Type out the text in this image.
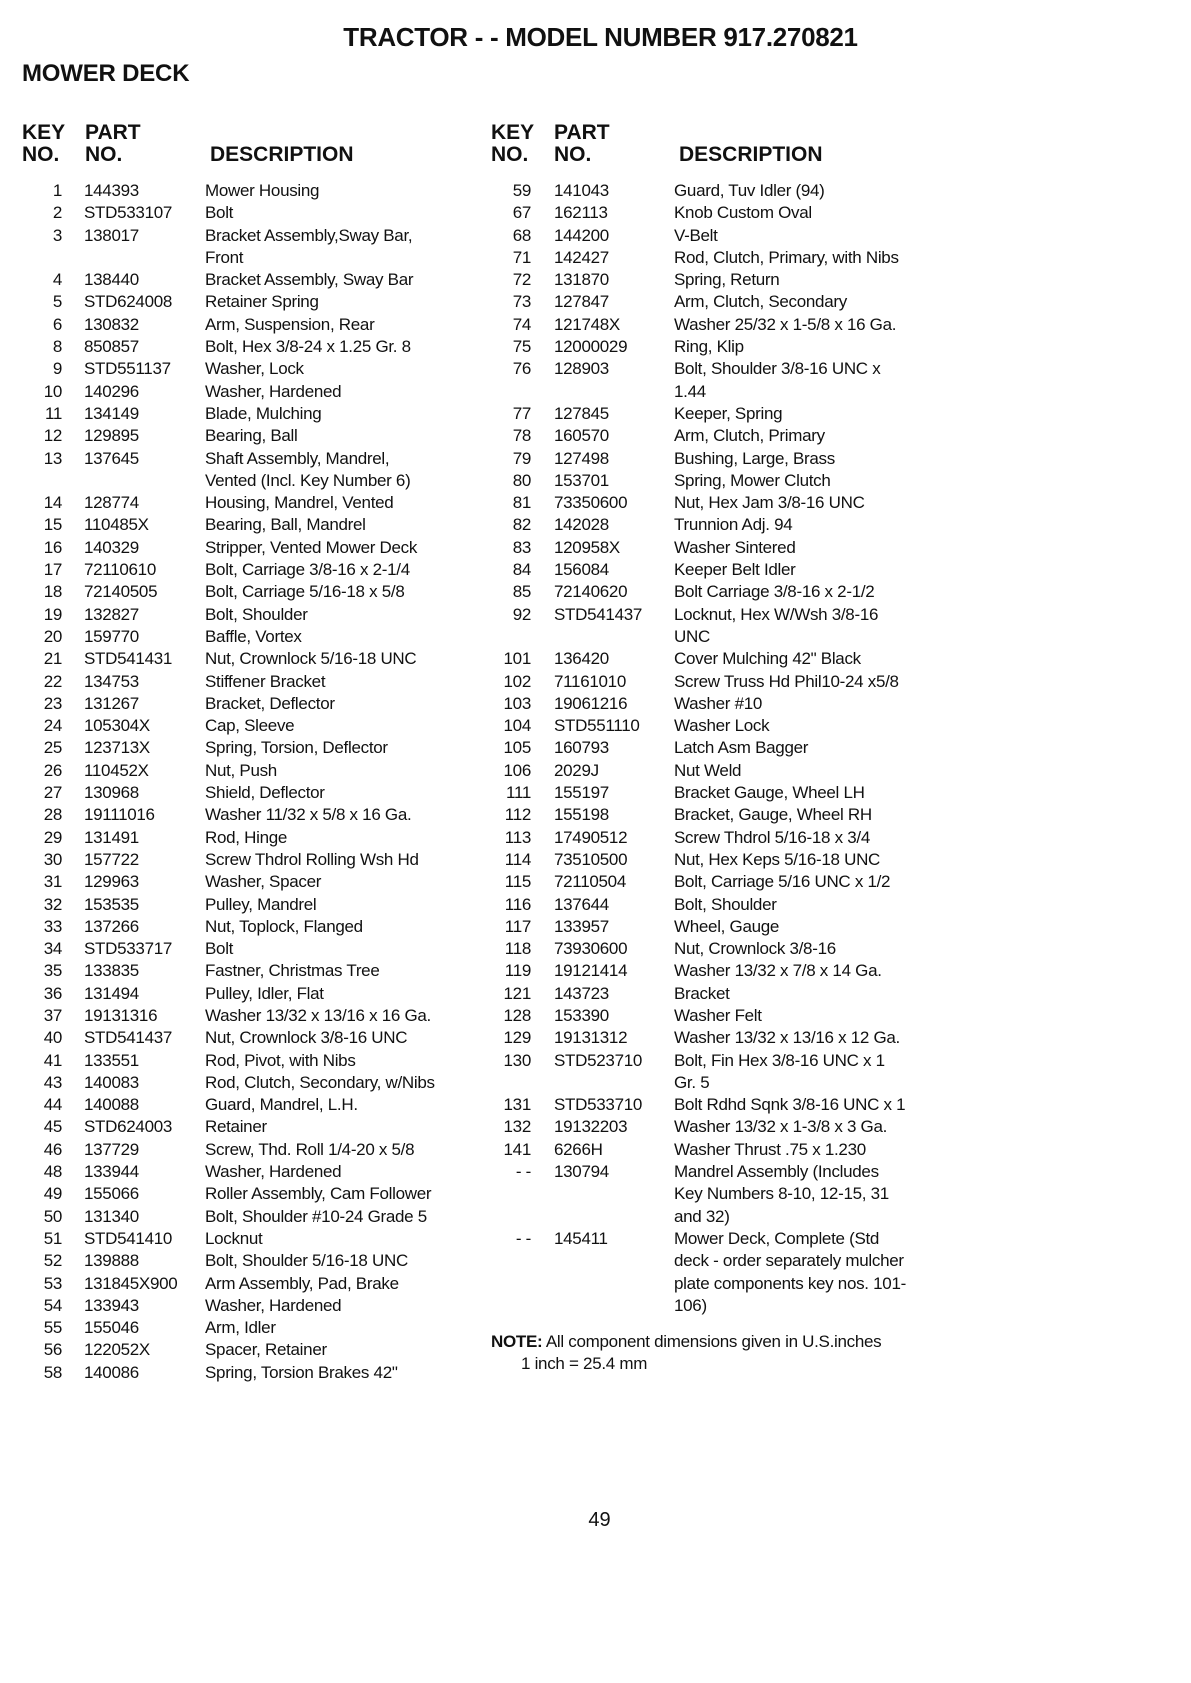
TRACTOR - - MODEL NUMBER 917.270821
MOWER DECK
KEY
NO.
PART
NO.	DESCRIPTION
1	144393	Mower Housing
2	STD533107	Bolt
3	138017	Bracket Assembly,Sway Bar,
Front
4	138440	Bracket Assembly, Sway Bar
5	STD624008	Retainer Spring
6	130832	Arm, Suspension, Rear
8	850857	Bolt, Hex 3/8-24 x 1.25 Gr. 8
9	STD551137	Washer, Lock
10	140296	Washer, Hardened
11	134149	Blade, Mulching
12	129895	Bearing, Ball
13	137645	Shaft Assembly, Mandrel,
Vented (Incl. Key Number 6)
14	128774	Housing, Mandrel, Vented
15	110485X	Bearing, Ball, Mandrel
16	140329	Stripper, Vented Mower Deck
17	72110610	Bolt, Carriage 3/8-16 x 2-1/4
18	72140505	Bolt, Carriage 5/16-18 x 5/8
19	132827	Bolt, Shoulder
20	159770	Baffle, Vortex
21	STD541431	Nut, Crownlock 5/16-18 UNC
22	134753	Stiffener Bracket
23	131267	Bracket, Deflector
24	105304X	Cap, Sleeve
25	123713X	Spring, Torsion, Deflector
26	110452X	Nut, Push
27	130968	Shield, Deflector
28	19111016	Washer 11/32 x 5/8 x 16 Ga.
29	131491	Rod, Hinge
30	157722	Screw Thdrol Rolling Wsh Hd
31	129963	Washer, Spacer
32	153535	Pulley, Mandrel
33	137266	Nut, Toplock, Flanged
34	STD533717	Bolt
35	133835	Fastner, Christmas Tree
36	131494	Pulley, Idler, Flat
37	19131316	Washer 13/32 x 13/16 x 16 Ga.
40	STD541437	Nut, Crownlock 3/8-16 UNC
41	133551	Rod, Pivot, with Nibs
43	140083	Rod, Clutch, Secondary, w/Nibs
44	140088	Guard, Mandrel, L.H.
45	STD624003	Retainer
46	137729	Screw, Thd. Roll 1/4-20 x 5/8
48	133944	Washer, Hardened
49	155066	Roller Assembly, Cam Follower
50	131340	Bolt, Shoulder #10-24 Grade 5
51	STD541410	Locknut
52	139888	Bolt, Shoulder 5/16-18 UNC
53	131845X900	Arm Assembly, Pad, Brake
54	133943	Washer, Hardened
55	155046	Arm, Idler
56	122052X	Spacer, Retainer
58	140086	Spring, Torsion Brakes 42"
KEY
NO.
PART
NO.	DESCRIPTION
59	141043	Guard, Tuv Idler (94)
67	162113	Knob Custom Oval
68	144200	V-Belt
71	142427	Rod, Clutch, Primary, with Nibs
72	131870	Spring, Return
73	127847	Arm, Clutch, Secondary
74	121748X	Washer 25/32 x 1-5/8 x 16 Ga.
75	12000029	Ring, Klip
76	128903	Bolt, Shoulder 3/8-16 UNC x
1.44
77	127845	Keeper, Spring
78	160570	Arm, Clutch, Primary
79	127498	Bushing, Large, Brass
80	153701	Spring, Mower Clutch
81	73350600	Nut, Hex Jam 3/8-16 UNC
82	142028	Trunnion Adj. 94
83	120958X	Washer Sintered
84	156084	Keeper Belt Idler
85	72140620	Bolt Carriage 3/8-16 x 2-1/2
92	STD541437	Locknut, Hex W/Wsh 3/8-16
UNC
101	136420	Cover Mulching 42" Black
102	71161010	Screw Truss Hd Phil10-24 x5/8
103	19061216	Washer #10
104	STD551110	Washer Lock
105	160793	Latch Asm Bagger
106	2029J	Nut Weld
111	155197	Bracket Gauge, Wheel LH
112	155198	Bracket, Gauge, Wheel RH
113	17490512	Screw Thdrol 5/16-18 x 3/4
114	73510500	Nut, Hex Keps 5/16-18 UNC
115	72110504	Bolt, Carriage 5/16 UNC x 1/2
116	137644	Bolt, Shoulder
117	133957	Wheel, Gauge
118	73930600	Nut, Crownlock 3/8-16
119	19121414	Washer 13/32 x 7/8 x 14 Ga.
121	143723	Bracket
128	153390	Washer Felt
129	19131312	Washer 13/32 x 13/16 x 12 Ga.
130	STD523710	Bolt, Fin Hex 3/8-16 UNC x 1
Gr. 5
131	STD533710	Bolt Rdhd Sqnk 3/8-16 UNC x 1
132	19132203	Washer 13/32 x 1-3/8 x 3 Ga.
141	6266H	Washer Thrust .75 x 1.230
- -	130794	Mandrel Assembly (Includes
Key Numbers 8-10, 12-15, 31
and 32)
- -	145411	Mower Deck, Complete (Std
deck - order separately mulcher
plate components key nos. 101-
106)
NOTE: All component dimensions given in U.S.inches
1 inch = 25.4 mm
49
